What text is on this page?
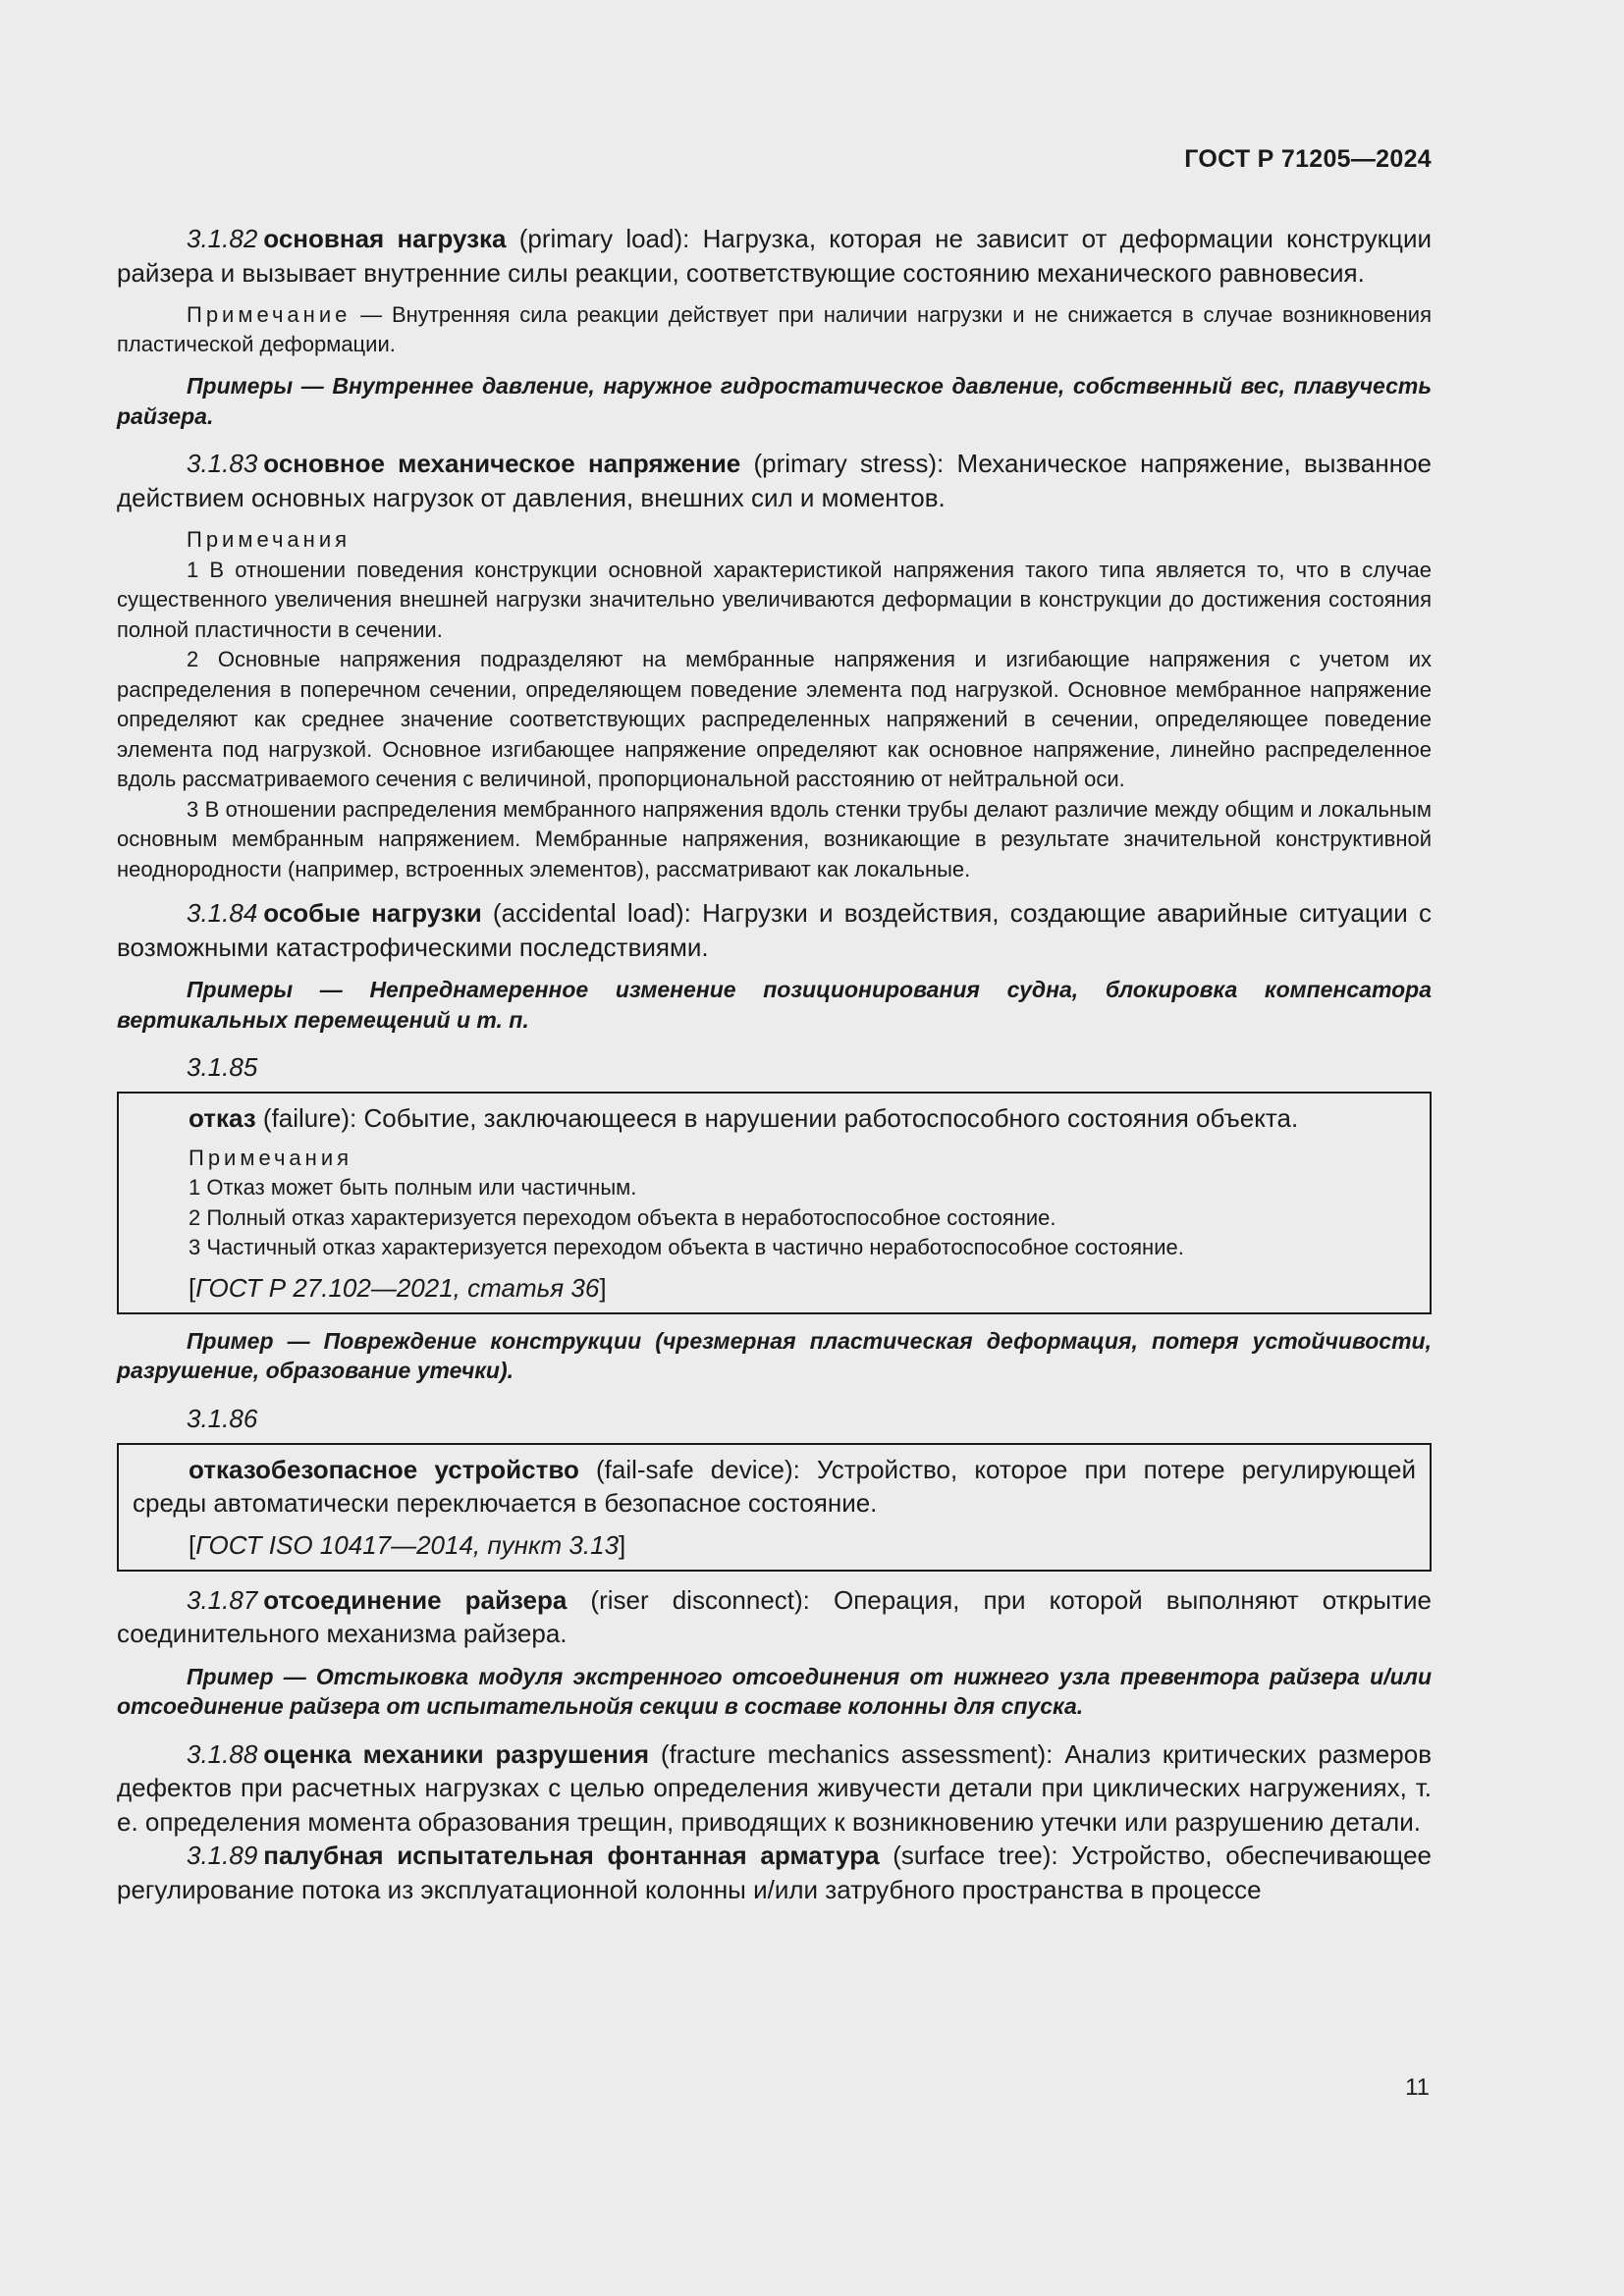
ГОСТ Р 71205—2024

3.1.82 основная нагрузка (primary load): Нагрузка, которая не зависит от деформации конструкции райзера и вызывает внутренние силы реакции, соответствующие состоянию механического равновесия.

Примечание — Внутренняя сила реакции действует при наличии нагрузки и не снижается в случае возникновения пластической деформации.

Примеры — Внутреннее давление, наружное гидростатическое давление, собственный вес, плавучесть райзера.

3.1.83 основное механическое напряжение (primary stress): Механическое напряжение, вызванное действием основных нагрузок от давления, внешних сил и моментов.

Примечания
1 В отношении поведения конструкции основной характеристикой напряжения такого типа является то, что в случае существенного увеличения внешней нагрузки значительно увеличиваются деформации в конструкции до достижения состояния полной пластичности в сечении.
2 Основные напряжения подразделяют на мембранные напряжения и изгибающие напряжения с учетом их распределения в поперечном сечении, определяющем поведение элемента под нагрузкой. Основное мембранное напряжение определяют как среднее значение соответствующих распределенных напряжений в сечении, определяющее поведение элемента под нагрузкой. Основное изгибающее напряжение определяют как основное напряжение, линейно распределенное вдоль рассматриваемого сечения с величиной, пропорциональной расстоянию от нейтральной оси.
3 В отношении распределения мембранного напряжения вдоль стенки трубы делают различие между общим и локальным основным мембранным напряжением. Мембранные напряжения, возникающие в результате значительной конструктивной неоднородности (например, встроенных элементов), рассматривают как локальные.

3.1.84 особые нагрузки (accidental load): Нагрузки и воздействия, создающие аварийные ситуации с возможными катастрофическими последствиями.

Примеры — Непреднамеренное изменение позиционирования судна, блокировка компенсатора вертикальных перемещений и т. п.

3.1.85

отказ (failure): Событие, заключающееся в нарушении работоспособного состояния объекта.

Примечания
1 Отказ может быть полным или частичным.
2 Полный отказ характеризуется переходом объекта в неработоспособное состояние.
3 Частичный отказ характеризуется переходом объекта в частично неработоспособное состояние.
[ГОСТ Р 27.102—2021, статья 36]

Пример — Повреждение конструкции (чрезмерная пластическая деформация, потеря устойчивости, разрушение, образование утечки).

3.1.86

отказобезопасное устройство (fail-safe device): Устройство, которое при потере регулирующей среды автоматически переключается в безопасное состояние.

[ГОСТ ISO 10417—2014, пункт 3.13]

3.1.87 отсоединение райзера (riser disconnect): Операция, при которой выполняют открытие соединительного механизма райзера.

Пример — Отстыковка модуля экстренного отсоединения от нижнего узла превентора райзера и/или отсоединение райзера от испытательнойя секции в составе колонны для спуска.

3.1.88 оценка механики разрушения (fracture mechanics assessment): Анализ критических размеров дефектов при расчетных нагрузках с целью определения живучести детали при циклических нагружениях, т. е. определения момента образования трещин, приводящих к возникновению утечки или разрушению детали.

3.1.89 палубная испытательная фонтанная арматура (surface tree): Устройство, обеспечивающее регулирование потока из эксплуатационной колонны и/или затрубного пространства в процессе

11
